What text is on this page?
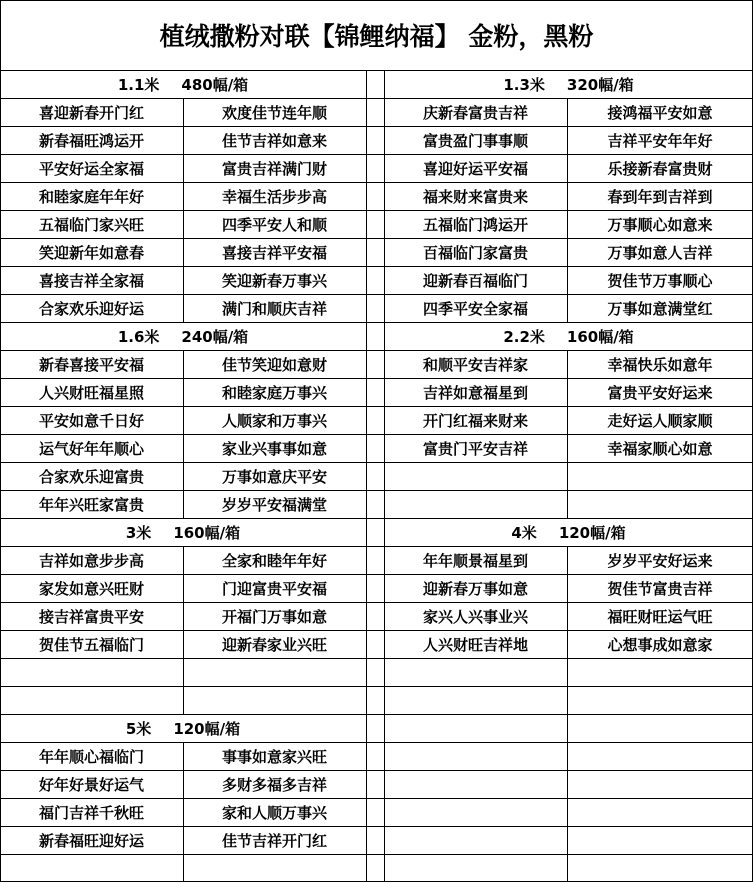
植绒撒粉对联【锦鲤纳福】 金粉，黑粉
1.1米 480幅/箱
喜迎新春开门红	欢度佳节连年顺
新春福旺鸿运开	佳节吉祥如意来
平安好运全家福	富贵吉祥满门财
和睦家庭年年好	幸福生活步步高
五福临门家兴旺	四季平安人和顺
笑迎新年如意春	喜接吉祥平安福
喜接吉祥全家福	笑迎新春万事兴
合家欢乐迎好运	满门和顺庆吉祥
1.3米 320幅/箱
庆新春富贵吉祥	接鸿福平安如意
富贵盈门事事顺	吉祥平安年年好
喜迎好运平安福	乐接新春富贵财
福来财来富贵来	春到年到吉祥到
五福临门鸿运开	万事顺心如意来
百福临门家富贵	万事如意人吉祥
迎新春百福临门	贺佳节万事顺心
四季平安全家福	万事如意满堂红
1.6米 240幅/箱
新春喜接平安福	佳节笑迎如意财
人兴财旺福星照	和睦家庭万事兴
平安如意千日好	人顺家和万事兴
运气好年年顺心	家业兴事事如意
合家欢乐迎富贵	万事如意庆平安
年年兴旺家富贵	岁岁平安福满堂
2.2米 160幅/箱
和顺平安吉祥家	幸福快乐如意年
吉祥如意福星到	富贵平安好运来
开门红福来财来	走好运人顺家顺
富贵门平安吉祥	幸福家顺心如意
3米 160幅/箱
吉祥如意步步高	全家和睦年年好
家发如意兴旺财	门迎富贵平安福
接吉祥富贵平安	开福门万事如意
贺佳节五福临门	迎新春家业兴旺
4米 120幅/箱
年年顺景福星到	岁岁平安好运来
迎新春万事如意	贺佳节富贵吉祥
家兴人兴事业兴	福旺财旺运气旺
人兴财旺吉祥地	心想事成如意家
5米 120幅/箱
年年顺心福临门	事事如意家兴旺
好年好景好运气	多财多福多吉祥
福门吉祥千秋旺	家和人顺万事兴
新春福旺迎好运	佳节吉祥开门红
